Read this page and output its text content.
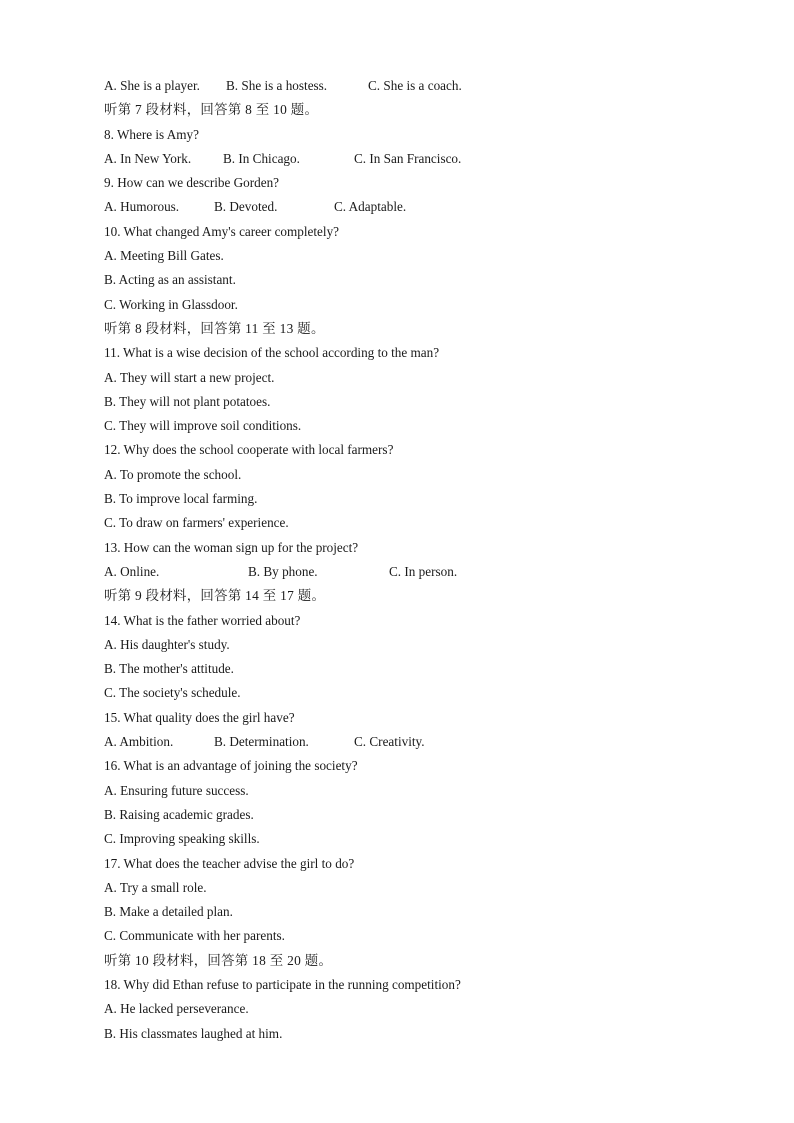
A. She is a player.	B. She is a hostess.	C. She is a coach.
听第 7 段材料，回答第 8 至 10 题。
8. Where is Amy?
A. In New York.	B. In Chicago.	C. In San Francisco.
9. How can we describe Gorden?
A. Humorous.	B. Devoted.	C. Adaptable.
10. What changed Amy's career completely?
A. Meeting Bill Gates.
B. Acting as an assistant.
C. Working in Glassdoor.
听第 8 段材料，回答第 11 至 13 题。
11. What is a wise decision of the school according to the man?
A. They will start a new project.
B. They will not plant potatoes.
C. They will improve soil conditions.
12. Why does the school cooperate with local farmers?
A. To promote the school.
B. To improve local farming.
C. To draw on farmers' experience.
13. How can the woman sign up for the project?
A. Online.	B. By phone.	C. In person.
听第 9 段材料，回答第 14 至 17 题。
14. What is the father worried about?
A. His daughter's study.
B. The mother's attitude.
C. The society's schedule.
15. What quality does the girl have?
A. Ambition.	B. Determination.	C. Creativity.
16. What is an advantage of joining the society?
A. Ensuring future success.
B. Raising academic grades.
C. Improving speaking skills.
17. What does the teacher advise the girl to do?
A. Try a small role.
B. Make a detailed plan.
C. Communicate with her parents.
听第 10 段材料，回答第 18 至 20 题。
18. Why did Ethan refuse to participate in the running competition?
A. He lacked perseverance.
B. His classmates laughed at him.
